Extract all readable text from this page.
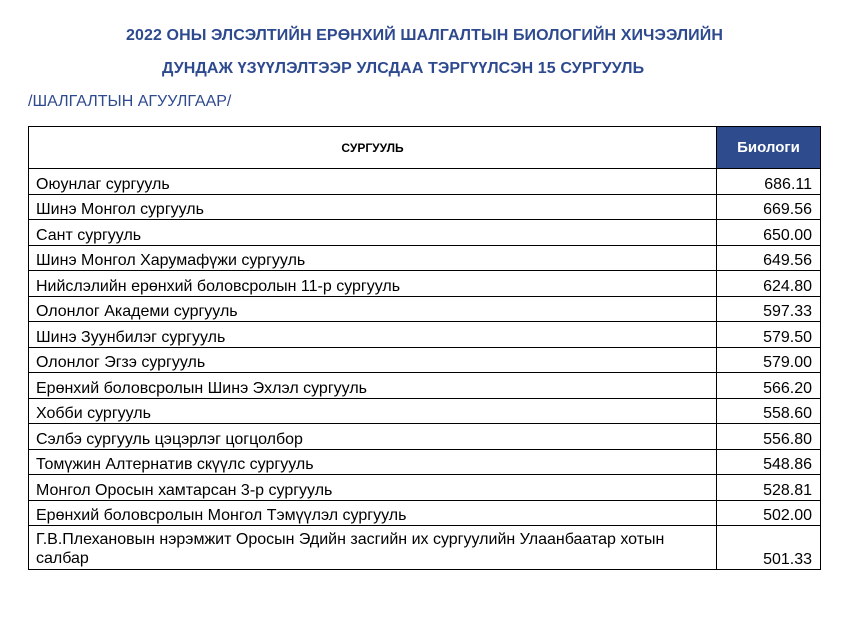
2022 ОНЫ ЭЛСЭЛТИЙН ЕРӨНХИЙ ШАЛГАЛТЫН БИОЛОГИЙН ХИЧЭЭЛИЙН
ДУНДАЖ ҮЗҮҮЛЭЛТЭЭР УЛСДАА ТЭРГҮҮЛСЭН 15 СУРГУУЛЬ
/ШАЛГАЛТЫН АГУУЛГААР/
СУРГУУЛЬ	Биологи
Оюунлаг сургууль	686.11
Шинэ Монгол сургууль	669.56
Сант сургууль	650.00
Шинэ Монгол Харумафүжи сургууль	649.56
Нийслэлийн ерөнхий боловсролын 11-р сургууль	624.80
Олонлог Академи сургууль	597.33
Шинэ Зуунбилэг сургууль	579.50
Олонлог Эгзэ сургууль	579.00
Ерөнхий боловсролын Шинэ Эхлэл сургууль	566.20
Хобби сургууль	558.60
Сэлбэ сургууль цэцэрлэг цогцолбор	556.80
Томүжин Алтернатив скүүлс сургууль	548.86
Монгол Оросын хамтарсан 3-р сургууль	528.81
Ерөнхий боловсролын Монгол Тэмүүлэл сургууль	502.00
Г.В.Плехановын нэрэмжит Оросын Эдийн засгийн их сургуулийн Улаанбаатар хотын салбар	501.33
